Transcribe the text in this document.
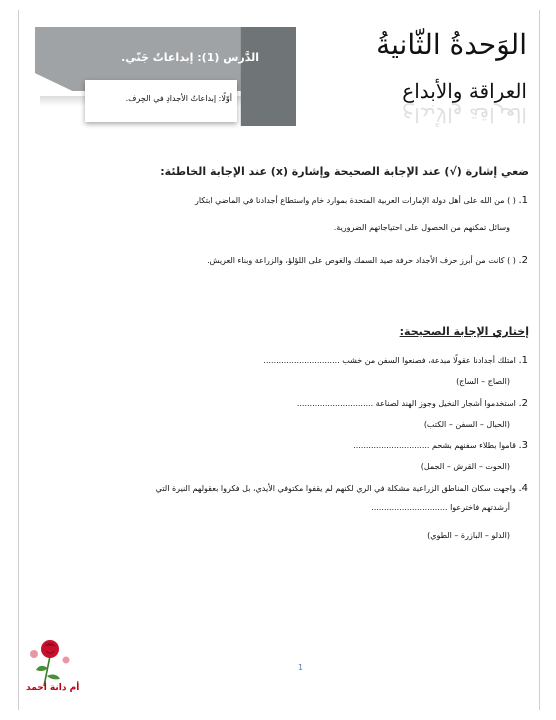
الدَّرس (1): إبداعاتٌ جَنّي.
أوّلًا: إبداعاتُ الأجدادِ في الحِرف.
الوَحدةُ الثّانيةُ
العراقة والأبداع
العراقة والأبداع
ضعي إشارة (√) عند الإجابة الصحيحة وإشارة (x) عند الإجابة الخاطئة:
1. ( ) من الله على أهل دولة الإمارات العربية المتحدة بموارد خام واستطاع أجدادنا في الماضي ابتكار
وسائل تمكنهم من الحصول على احتياجاتهم الضرورية.
2. ( ) كانت من أبرز حرف الأجداد حرفة صيد السمك والغوص على اللؤلؤ، والزراعة وبناء العريش.
إختاري الإجابة الصحيحة:
1. امتلك أجدادنا عقولًا مبدعة، فصنعوا السفن من خشب ..............................
(الصاج – الساج)
2. استخدموا أشجار النخيل وجوز الهند لصناعة ..............................
(الحبال – السفن – الكتب)
3. قاموا بطلاء سفنهم بشحم ..............................
(الحوت – القرش – الجمل)
4. واجهت سكان المناطق الزراعية مشكلة في الري لكنهم لم يقفوا مكتوفي الأيدي، بل فكروا بعقولهم النيرة التي
أرشدتهم فاخترعوا ..............................
(الدلو – البازرة – الطوي)
1
أم دانة أحمد
